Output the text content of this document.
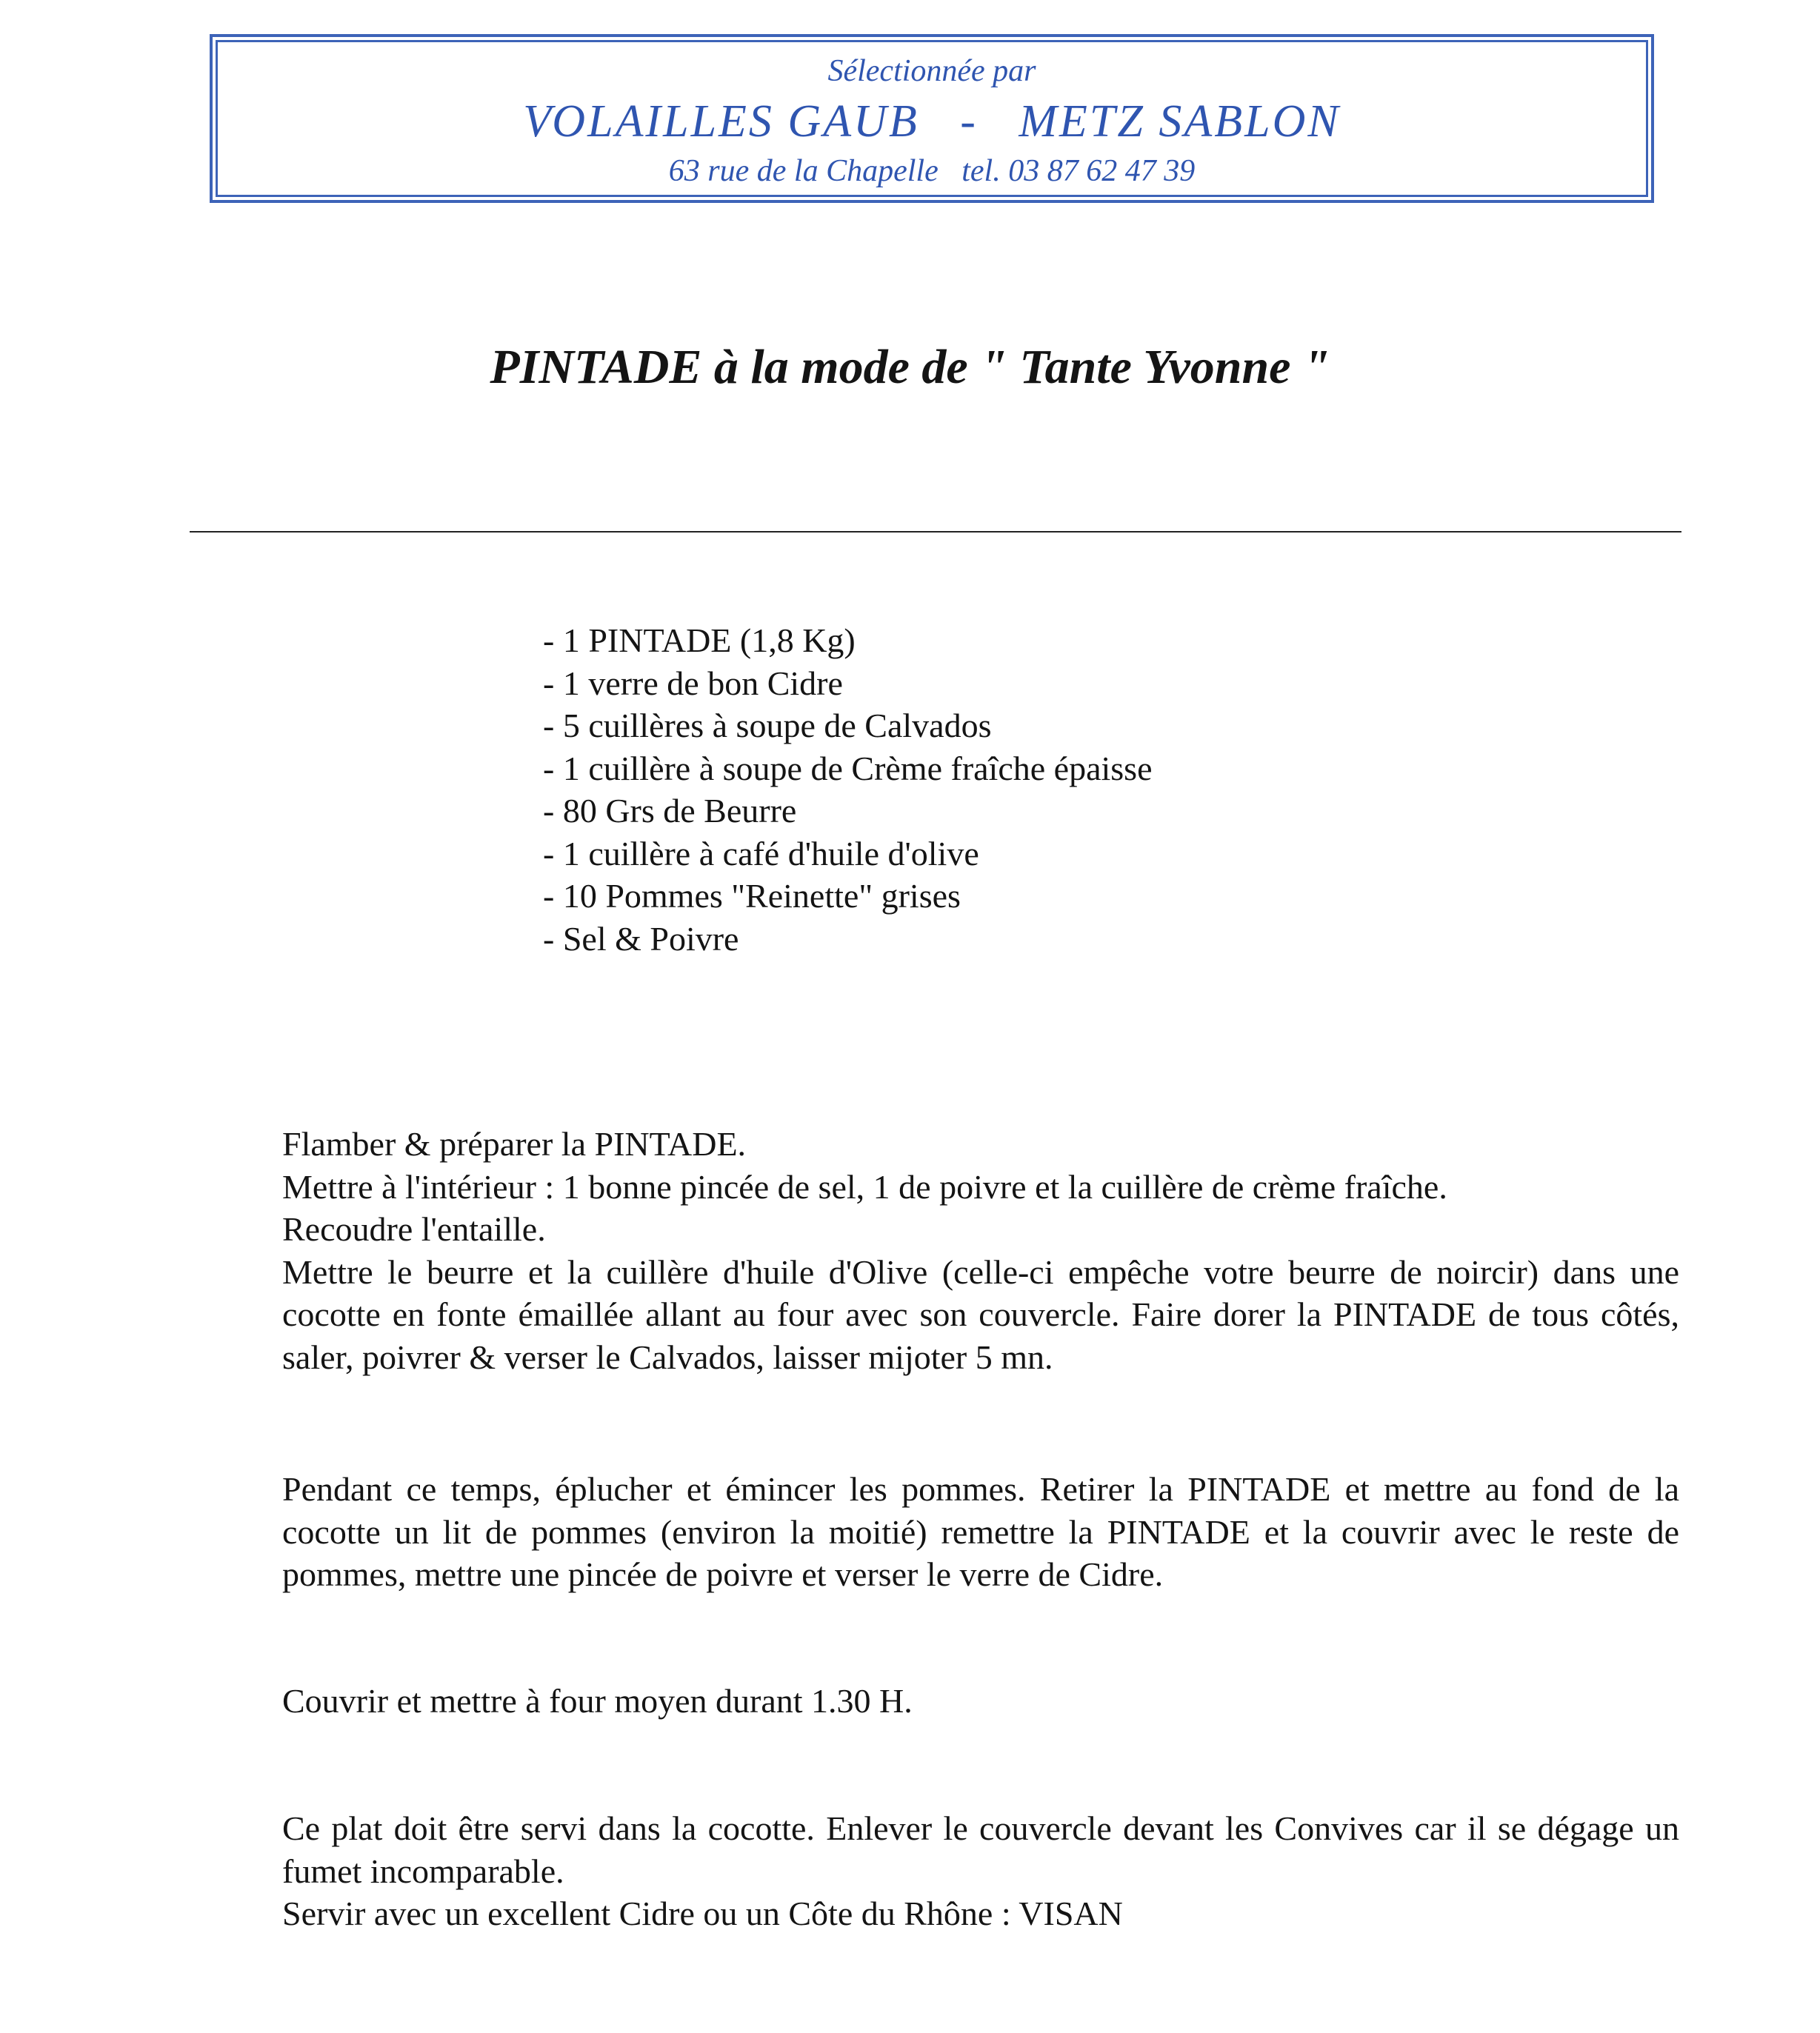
Sélectionnée par
VOLAILLES GAUB   -   METZ SABLON
63 rue de la Chapelle   tel. 03 87 62 47 39
PINTADE à la mode de " Tante Yvonne "
- 1 PINTADE (1,8 Kg)
- 1 verre de bon Cidre
- 5 cuillères à soupe de Calvados
- 1 cuillère à soupe de Crème fraîche épaisse
- 80 Grs de Beurre
- 1 cuillère à café d'huile d'olive
- 10 Pommes "Reinette" grises
- Sel & Poivre

Flamber & préparer la PINTADE.

Mettre à l'intérieur : 1 bonne pincée de sel, 1 de poivre et la cuillère de crème fraîche.

Recoudre l'entaille.

Mettre le beurre et la cuillère d'huile d'Olive (celle-ci empêche votre beurre de noircir) dans une cocotte en fonte émaillée allant au four avec son couvercle. Faire dorer la PINTADE de tous côtés, saler, poivrer & verser le Calvados, laisser mijoter 5 mn.

Pendant ce temps, éplucher et émincer les pommes. Retirer la PINTADE et mettre au fond de la cocotte un lit de pommes (environ la moitié) remettre la PINTADE et la couvrir avec le reste de pommes, mettre une pincée de poivre et verser le verre de Cidre.

Couvrir et mettre à four moyen durant 1.30 H.

Ce plat doit être servi dans la cocotte. Enlever le couvercle devant les Convives car il se dégage un fumet incomparable.

Servir avec un excellent Cidre ou un Côte du Rhône : VISAN
